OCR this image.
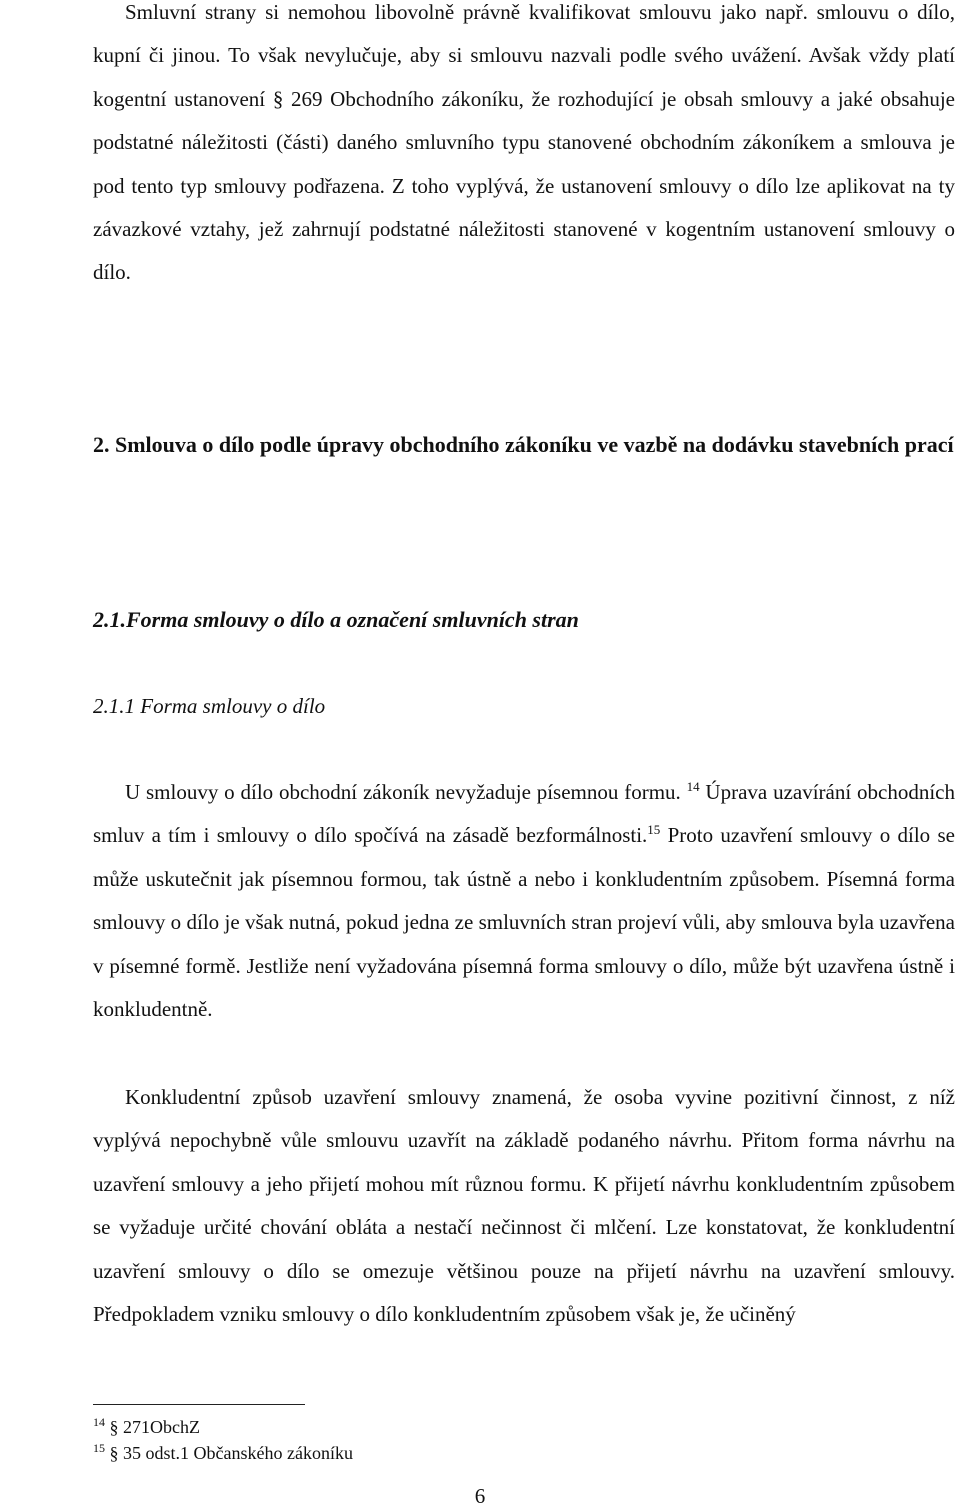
Smluvní strany si nemohou libovolně právně kvalifikovat smlouvu jako např. smlouvu o dílo, kupní či jinou. To však nevylučuje, aby si smlouvu nazvali podle svého uvážení. Avšak vždy platí kogentní ustanovení § 269 Obchodního zákoníku, že rozhodující je obsah smlouvy a jaké obsahuje podstatné náležitosti (části) daného smluvního typu stanovené obchodním zákoníkem a smlouva je pod tento typ smlouvy podřazena. Z toho vyplývá, že ustanovení smlouvy o dílo lze aplikovat na ty závazkové vztahy, jež zahrnují podstatné náležitosti stanovené v kogentním ustanovení smlouvy o dílo.

2. Smlouva o dílo podle úpravy obchodního zákoníku ve vazbě na dodávku stavebních prací
2.1.Forma smlouvy o dílo a označení smluvních stran
2.1.1 Forma smlouvy o dílo

U smlouvy o dílo obchodní zákoník nevyžaduje písemnou formu. $^{14}$ Úprava uzavírání obchodních smluv a tím i smlouvy o dílo spočívá na zásadě bezformálnosti.$^{15}$ Proto uzavření smlouvy o dílo se může uskutečnit jak písemnou formou, tak ústně a nebo i konkludentním způsobem. Písemná forma smlouvy o dílo je však nutná, pokud jedna ze smluvních stran projeví vůli, aby smlouva byla uzavřena v písemné formě. Jestliže není vyžadována písemná forma smlouvy o dílo, může být uzavřena ústně i konkludentně.

Konkludentní způsob uzavření smlouvy znamená, že osoba vyvine pozitivní činnost, z níž vyplývá nepochybně vůle smlouvu uzavřít na základě podaného návrhu. Přitom forma návrhu na uzavření smlouvy a jeho přijetí mohou mít různou formu. K přijetí návrhu konkludentním způsobem se vyžaduje určité chování obláta a nestačí nečinnost či mlčení. Lze konstatovat, že konkludentní uzavření smlouvy o dílo se omezuje většinou pouze na přijetí návrhu na uzavření smlouvy. Předpokladem vzniku smlouvy o dílo konkludentním způsobem však je, že učiněný

$^{14}$ § 271ObchZ
$^{15}$ § 35 odst.1 Občanského zákoníku
6
